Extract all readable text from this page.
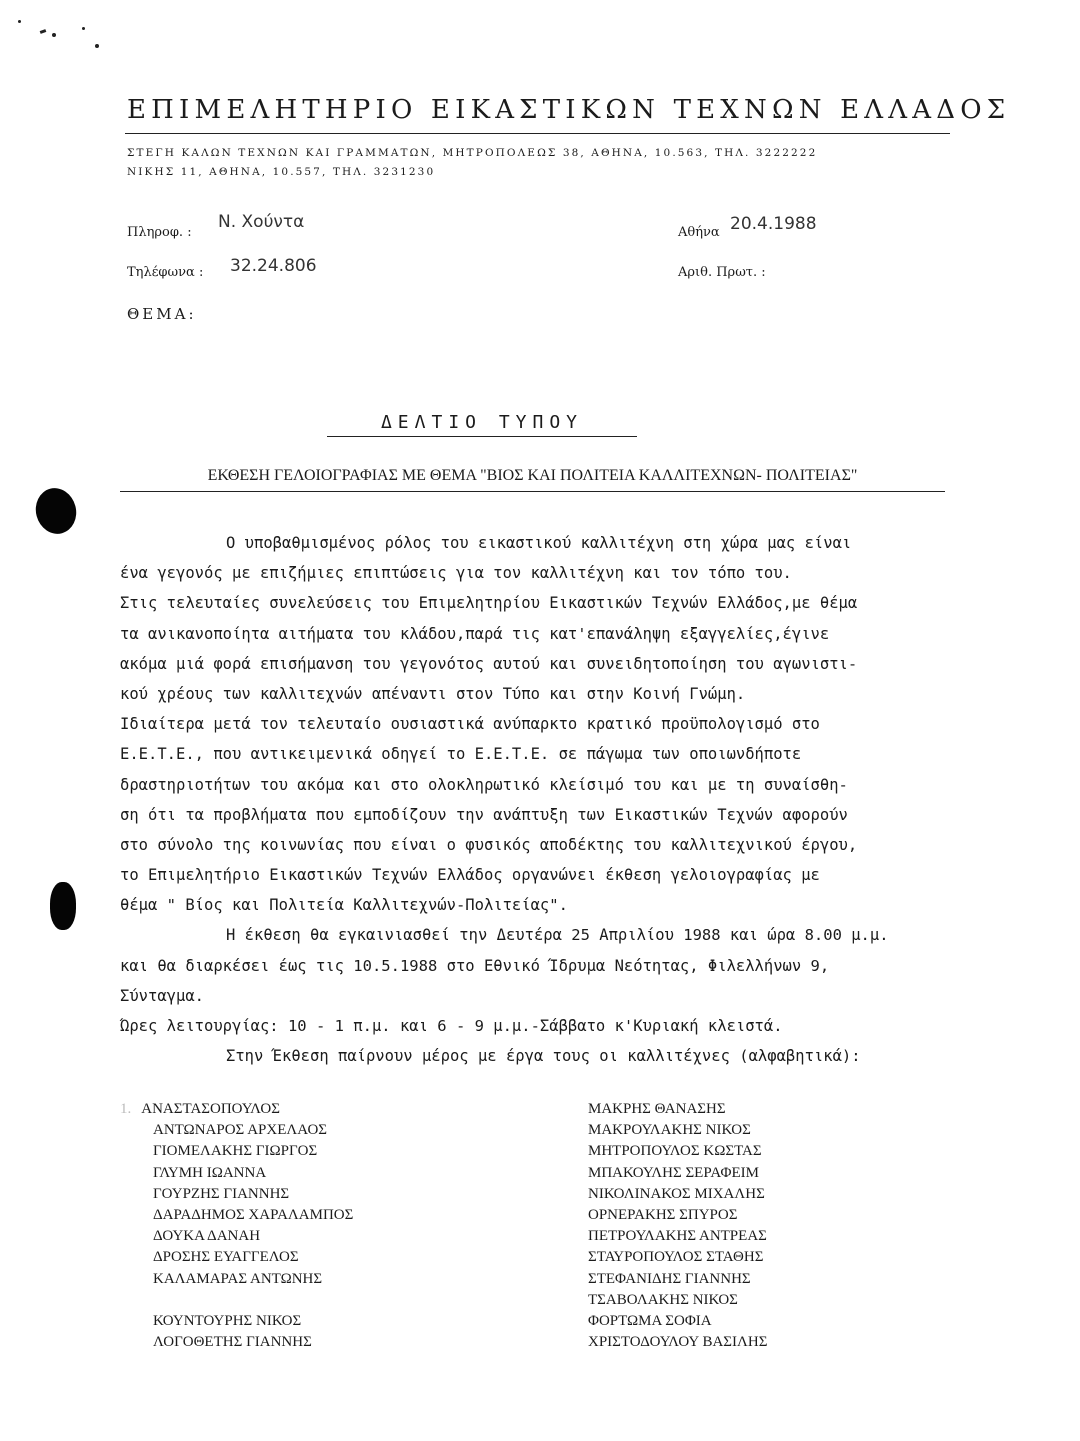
ΕΠΙΜΕΛΗΤΗΡΙΟ ΕΙΚΑΣΤΙΚΩΝ ΤΕΧΝΩΝ ΕΛΛΑΔΟΣ
ΣΤΕΓΗ ΚΑΛΩΝ ΤΕΧΝΩΝ ΚΑΙ ΓΡΑΜΜΑΤΩΝ, ΜΗΤΡΟΠΟΛΕΩΣ 38, ΑΘΗΝΑ, 10.563, ΤΗΛ. 3222222
ΝΙΚΗΣ 11, ΑΘΗΝΑ, 10.557, ΤΗΛ. 3231230
Πληροφ. :
Ν. Χούντα
Τηλέφωνα : 32.24.806
Αθήνα 20.4.1988
Αριθ. Πρωτ. :
ΘΕΜΑ:
ΔΕΛΤΙΟ ΤΥΠΟΥ
ΕΚΘΕΣΗ ΓΕΛΟΙΟΓΡΑΦΙΑΣ ΜΕ ΘΕΜΑ "ΒΙΟΣ ΚΑΙ ΠΟΛΙΤΕΙΑ ΚΑΛΛΙΤΕΧΝΩΝ- ΠΟΛΙΤΕΙΑΣ"
Ο υποβαθμισμένος ρόλος του εικαστικού καλλιτέχνη στη χώρα μας είναι
ένα γεγονός με επιζήμιες επιπτώσεις για τον καλλιτέχνη και τον τόπο του.
Στις τελευταίες συνελεύσεις του Επιμελητηρίου Εικαστικών Τεχνών Ελλάδος,με θέμα
τα ανικανοποίητα αιτήματα του κλάδου,παρά τις κατ'επανάληψη εξαγγελίες,έγινε
ακόμα μιά φορά επισήμανση του γεγονότος αυτού και συνειδητοποίηση του αγωνιστι-
κού χρέους των καλλιτεχνών απέναντι στον Τύπο και στην Κοινή Γνώμη.
Ιδιαίτερα μετά τον τελευταίο ουσιαστικά ανύπαρκτο κρατικό προϋπολογισμό στο
Ε.Ε.Τ.Ε., που αντικειμενικά οδηγεί το Ε.Ε.Τ.Ε. σε πάγωμα των οποιωνδήποτε
δραστηριοτήτων του ακόμα και στο ολοκληρωτικό κλείσιμό του και με τη συναίσθη-
ση ότι τα προβλήματα που εμποδίζουν την ανάπτυξη των Εικαστικών Τεχνών αφορούν
στο σύνολο της κοινωνίας που είναι ο φυσικός αποδέκτης του καλλιτεχνικού έργου,
το Επιμελητήριο Εικαστικών Τεχνών Ελλάδος οργανώνει έκθεση γελοιογραφίας με
θέμα " Βίος και Πολιτεία Καλλιτεχνών-Πολιτείας".
Η έκθεση θα εγκαινιασθεί την Δευτέρα 25 Απριλίου 1988 και ώρα 8.00 μ.μ.
και θα διαρκέσει έως τις 10.5.1988 στο Εθνικό Ίδρυμα Νεότητας, Φιλελλήνων 9,
Σύνταγμα.
Ώρες λειτουργίας: 10 - 1 π.μ. και 6 - 9 μ.μ.-Σάββατο κ'Κυριακή κλειστά.
Στην Έκθεση παίρνουν μέρος με έργα τους οι καλλιτέχνες (αλφαβητικά):
1. ΑΝΑΣΤΑΣΟΠΟΥΛΟΣ
ΑΝΤΩΝΑΡΟΣ ΑΡΧΕΛΑΟΣ
ΓΙΟΜΕΛΑΚΗΣ ΓΙΩΡΓΟΣ
ΓΛΥΜΗ ΙΩΑΝΝΑ
ΓΟΥΡΖΗΣ ΓΙΑΝΝΗΣ
ΔΑΡΑΔΗΜΟΣ ΧΑΡΑΛΑΜΠΟΣ
ΔΟΥΚΑ ΔΑΝΑΗ
ΔΡΟΣΗΣ ΕΥΑΓΓΕΛΟΣ
ΚΑΛΑΜΑΡΑΣ ΑΝΤΩΝΗΣ
ΚΟΥΝΤΟΥΡΗΣ ΝΙΚΟΣ
ΛΟΓΟΘΕΤΗΣ ΓΙΑΝΝΗΣ
ΜΑΚΡΗΣ ΘΑΝΑΣΗΣ
ΜΑΚΡΟΥΛΑΚΗΣ ΝΙΚΟΣ
ΜΗΤΡΟΠΟΥΛΟΣ ΚΩΣΤΑΣ
ΜΠΑΚΟΥΛΗΣ ΣΕΡΑΦΕΙΜ
ΝΙΚΟΛΙΝΑΚΟΣ ΜΙΧΑΛΗΣ
ΟΡΝΕΡΑΚΗΣ ΣΠΥΡΟΣ
ΠΕΤΡΟΥΛΑΚΗΣ ΑΝΤΡΕΑΣ
ΣΤΑΥΡΟΠΟΥΛΟΣ ΣΤΑΘΗΣ
ΣΤΕΦΑΝΙΔΗΣ ΓΙΑΝΝΗΣ
ΤΣΑΒΟΛΑΚΗΣ ΝΙΚΟΣ
ΦΟΡΤΩΜΑ ΣΟΦΙΑ
ΧΡΙΣΤΟΔΟΥΛΟΥ ΒΑΣΙΛΗΣ
